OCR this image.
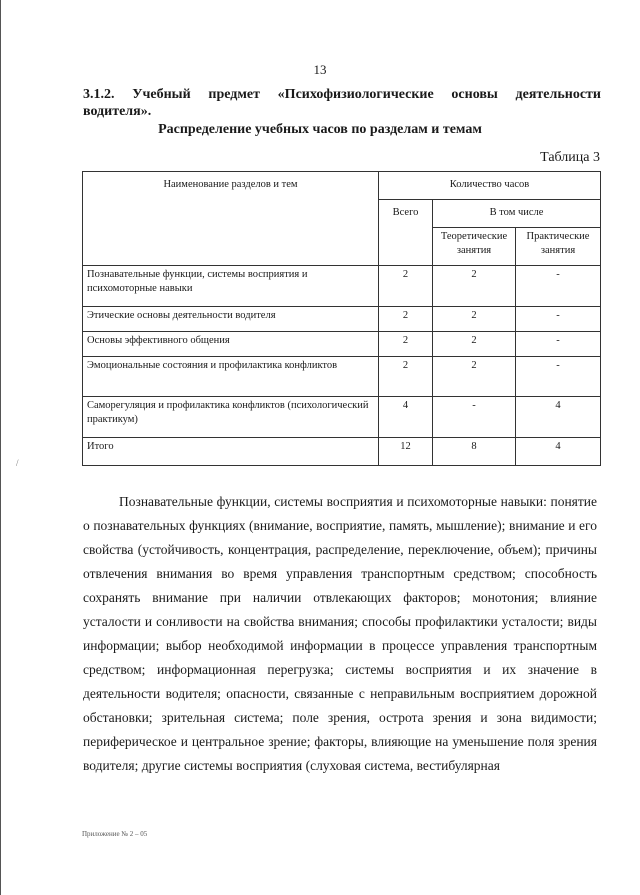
13
3.1.2. Учебный предмет «Психофизиологические основы деятельности водителя».
Распределение учебных часов по разделам и темам
Таблица 3
Наименование разделов и тем	Количество часов		
	Всего	В том числе	
		Теоретические занятия	Практические занятия
Познавательные функции, системы восприятия и психомоторные навыки	2	2	-
Этические основы деятельности водителя	2	2	-
Основы эффективного общения	2	2	-
Эмоциональные состояния и профилактика конфликтов	2	2	-
Саморегуляция и профилактика конфликтов (психологический практикум)	4	-	4
Итого	12	8	4

Познавательные функции, системы восприятия и психомоторные навыки: понятие о познавательных функциях (внимание, восприятие, память, мышление); внимание и его свойства (устойчивость, концентрация, распределение, переключение, объем); причины отвлечения внимания во время управления транспортным средством; способность сохранять внимание при наличии отвлекающих факторов; монотония; влияние усталости и сонливости на свойства внимания; способы профилактики усталости; виды информации; выбор необходимой информации в процессе управления транспортным средством; информационная перегрузка; системы восприятия и их значение в деятельности водителя; опасности, связанные с неправильным восприятием дорожной обстановки; зрительная система; поле зрения, острота зрения и зона видимости; периферическое и центральное зрение; факторы, влияющие на уменьшение поля зрения водителя; другие системы восприятия (слуховая система, вестибулярная

/
Приложение № 2 – 05
